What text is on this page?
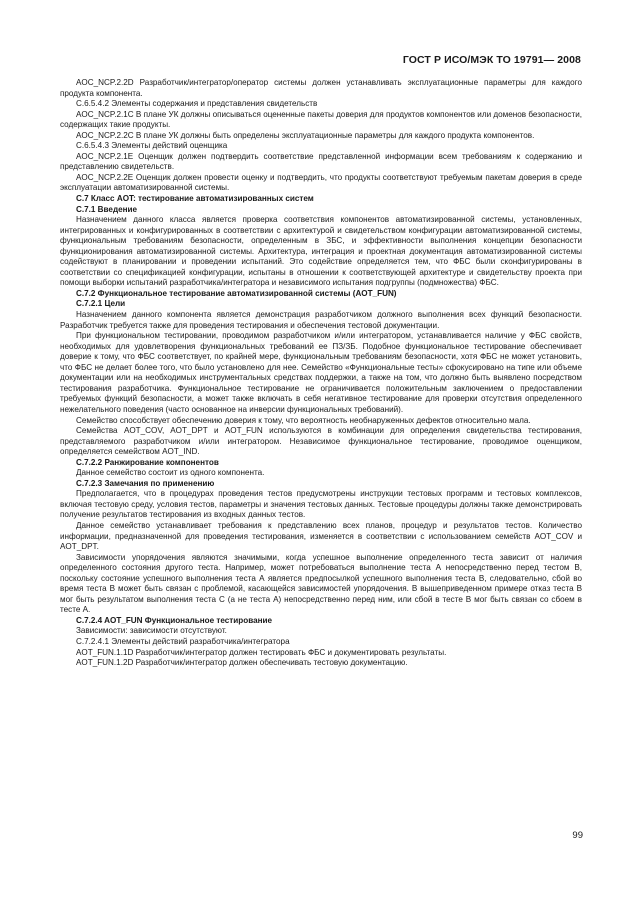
ГОСТ Р ИСО/МЭК ТО 19791— 2008

AOC_NCP.2.2D Разработчик/интегратор/оператор системы должен устанавливать эксплуатационные параметры для каждого продукта компонента.

C.6.5.4.2 Элементы содержания и представления свидетельств

AOC_NCP.2.1C В плане УК должны описываться оцененные пакеты доверия для продуктов компонентов или доменов безопасности, содержащих такие продукты.

AOC_NCP.2.2C В плане УК должны быть определены эксплуатационные параметры для каждого продукта компонентов.

C.6.5.4.3 Элементы действий оценщика

AOC_NCP.2.1E Оценщик должен подтвердить соответствие представленной информации всем требованиям к содержанию и представлению свидетельств.

AOC_NCP.2.2E Оценщик должен провести оценку и подтвердить, что продукты соответствуют требуемым пакетам доверия в среде эксплуатации автоматизированной системы.

C.7 Класс AOT: тестирование автоматизированных систем

C.7.1 Введение

Назначением данного класса является проверка соответствия компонентов автоматизированной системы, установленных, интегрированных и конфигурированных в соответствии с архитектурой и свидетельством конфигурации автоматизированной системы, функциональным требованиям безопасности, определенным в ЗБС, и эффективности выполнения концепции безопасности функционирования автоматизированной системы. Архитектура, интеграция и проектная документация автоматизированной системы содействуют в планировании и проведении испытаний. Это содействие определяется тем, что ФБС были сконфигурированы в соответствии со спецификацией конфигурации, испытаны в отношении к соответствующей архитектуре и свидетельству проекта при помощи выборки испытаний разработчика/интегратора и независимого испытания подгруппы (подмножества) ФБС.

C.7.2 Функциональное тестирование автоматизированной системы (AOT_FUN)

C.7.2.1 Цели

Назначением данного компонента является демонстрация разработчиком должного выполнения всех функций безопасности. Разработчик требуется также для проведения тестирования и обеспечения тестовой документации.

При функциональном тестировании, проводимом разработчиком и/или интегратором, устанавливается наличие у ФБС свойств, необходимых для удовлетворения функциональных требований ее ПЗ/ЗБ. Подобное функциональное тестирование обеспечивает доверие к тому, что ФБС соответствует, по крайней мере, функциональным требованиям безопасности, хотя ФБС не может установить, что ФБС не делает более того, что было установлено для нее. Семейство «Функциональные тесты» сфокусировано на типе или объеме документации или на необходимых инструментальных средствах поддержки, а также на том, что должно быть выявлено посредством тестирования разработчика. Функциональное тестирование не ограничивается положительным заключением о предоставлении требуемых функций безопасности, а может также включать в себя негативное тестирование для проверки отсутствия определенного нежелательного поведения (часто основанное на инверсии функциональных требований).

Семейство способствует обеспечению доверия к тому, что вероятность необнаруженных дефектов относительно мала.

Семейства AOT_COV, AOT_DPT и AOT_FUN используются в комбинации для определения свидетельства тестирования, представляемого разработчиком и/или интегратором. Независимое функциональное тестирование, проводимое оценщиком, определяется семейством AOT_IND.

C.7.2.2 Ранжирование компонентов

Данное семейство состоит из одного компонента.

C.7.2.3 Замечания по применению

Предполагается, что в процедурах проведения тестов предусмотрены инструкции тестовых программ и тестовых комплексов, включая тестовую среду, условия тестов, параметры и значения тестовых данных. Тестовые процедуры должны также демонстрировать получение результатов тестирования из входных данных тестов.

Данное семейство устанавливает требования к представлению всех планов, процедур и результатов тестов. Количество информации, предназначенной для проведения тестирования, изменяется в соответствии с использованием семейств AOT_COV и AOT_DPT.

Зависимости упорядочения являются значимыми, когда успешное выполнение определенного теста зависит от наличия определенного состояния другого теста. Например, может потребоваться выполнение теста А непосредственно перед тестом В, поскольку состояние успешного выполнения теста А является предпосылкой успешного выполнения теста В, следовательно, сбой во время теста В может быть связан с проблемой, касающейся зависимостей упорядочения. В вышеприведенном примере отказ теста В мог быть результатом выполнения теста С (а не теста А) непосредственно перед ним, или сбой в тесте В мог быть связан со сбоем в тесте А.

C.7.2.4 AOT_FUN Функциональное тестирование

Зависимости: зависимости отсутствуют.

C.7.2.4.1 Элементы действий разработчика/интегратора

AOT_FUN.1.1D Разработчик/интегратор должен тестировать ФБС и документировать результаты.

AOT_FUN.1.2D Разработчик/интегратор должен обеспечивать тестовую документацию.

99
